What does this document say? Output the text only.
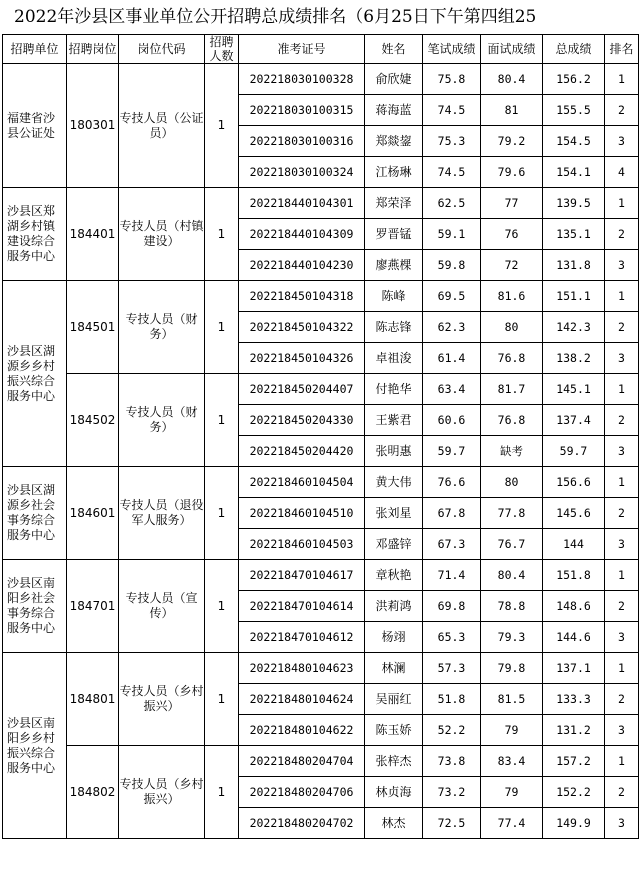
2022年沙县区事业单位公开招聘总成绩排名（6月25日下午第四组25
招聘单位	招聘岗位	岗位代码	招聘人数	准考证号	姓名	笔试成绩	面试成绩	总成绩	排名
福建省沙县公证处	180301	专技人员（公证员）	1	202218030100328	俞欣婕	75.8	80.4	156.2	1
				202218030100315	蒋海蓝	74.5	81	155.5	2
				202218030100316	郑燚鋆	75.3	79.2	154.5	3
				202218030100324	江杨琳	74.5	79.6	154.1	4
沙县区郑湖乡村镇建设综合服务中心	184401	专技人员（村镇建设）	1	202218440104301	郑荣泽	62.5	77	139.5	1
				202218440104309	罗晋锰	59.1	76	135.1	2
				202218440104230	廖燕棵	59.8	72	131.8	3
沙县区湖源乡乡村振兴综合服务中心	184501	专技人员（财务）	1	202218450104318	陈峰	69.5	81.6	151.1	1
				202218450104322	陈志锋	62.3	80	142.3	2
				202218450104326	卓祖浚	61.4	76.8	138.2	3
	184502	专技人员（财务）	1	202218450204407	付艳华	63.4	81.7	145.1	1
				202218450204330	王紫君	60.6	76.8	137.4	2
				202218450204420	张明惠	59.7	缺考	59.7	3
沙县区湖源乡社会事务综合服务中心	184601	专技人员（退役军人服务）	1	202218460104504	黄大伟	76.6	80	156.6	1
				202218460104510	张刘星	67.8	77.8	145.6	2
				202218460104503	邓盛锌	67.3	76.7	144	3
沙县区南阳乡社会事务综合服务中心	184701	专技人员（宣传）	1	202218470104617	章秋艳	71.4	80.4	151.8	1
				202218470104614	洪莉鸿	69.8	78.8	148.6	2
				202218470104612	杨翊	65.3	79.3	144.6	3
沙县区南阳乡乡村振兴综合服务中心	184801	专技人员（乡村振兴）	1	202218480104623	林澜	57.3	79.8	137.1	1
				202218480104624	吴丽红	51.8	81.5	133.3	2
				202218480104622	陈玉娇	52.2	79	131.2	3
	184802	专技人员（乡村振兴）	1	202218480204704	张梓杰	73.8	83.4	157.2	1
				202218480204706	林贞海	73.2	79	152.2	2
				202218480204702	林杰	72.5	77.4	149.9	3
